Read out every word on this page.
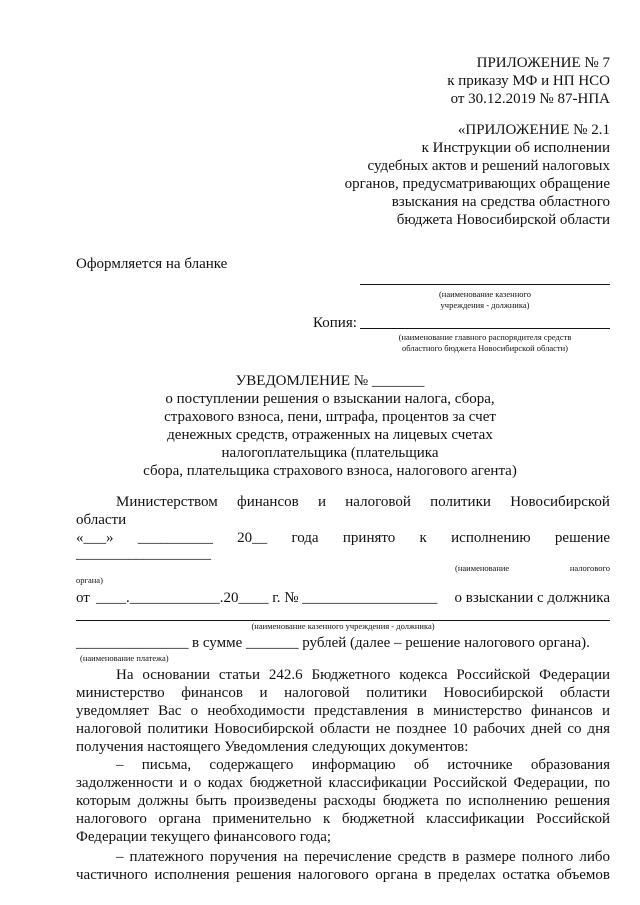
ПРИЛОЖЕНИЕ № 7
к приказу МФ и НП НСО
от 30.12.2019 № 87-НПА
«ПРИЛОЖЕНИЕ № 2.1
к Инструкции об исполнении
судебных актов и решений налоговых
органов, предусматривающих обращение
взыскания на средства областного
бюджета Новосибирской области
Оформляется на бланке
(наименование казенного
учреждения - должника)
Копия:
(наименование главного распорядителя средств
областного бюджета Новосибирской области)
УВЕДОМЛЕНИЕ № _______
о поступлении решения о взыскании налога, сбора,
страхового взноса, пени, штрафа, процентов за счет
денежных средств, отраженных на лицевых счетах
налогоплательщика (плательщика
сбора, плательщика страхового взноса, налогового агента)
Министерством финансов и налоговой политики Новосибирской
области
«___» __________ 20__ года принято к исполнению решение
__________________
(наименование	налогового
органа)
от ____.____________.20____ г. № __________________ о взыскании с должника
(наименование казенного учреждения - должника)
_______________ в сумме _______ рублей (далее – решение налогового органа).
(наименование платежа)
На основании статьи 242.6 Бюджетного кодекса Российской Федерации
министерство финансов и налоговой политики Новосибирской области
уведомляет Вас о необходимости представления в министерство финансов и
налоговой политики Новосибирской области не позднее 10 рабочих дней со дня
получения настоящего Уведомления следующих документов:
– письма, содержащего информацию об источнике образования
задолженности и о кодах бюджетной классификации Российской Федерации, по
которым должны быть произведены расходы бюджета по исполнению решения
налогового органа применительно к бюджетной классификации Российской
Федерации текущего финансового года;
– платежного поручения на перечисление средств в размере полного либо
частичного исполнения решения налогового органа в пределах остатка объемов
